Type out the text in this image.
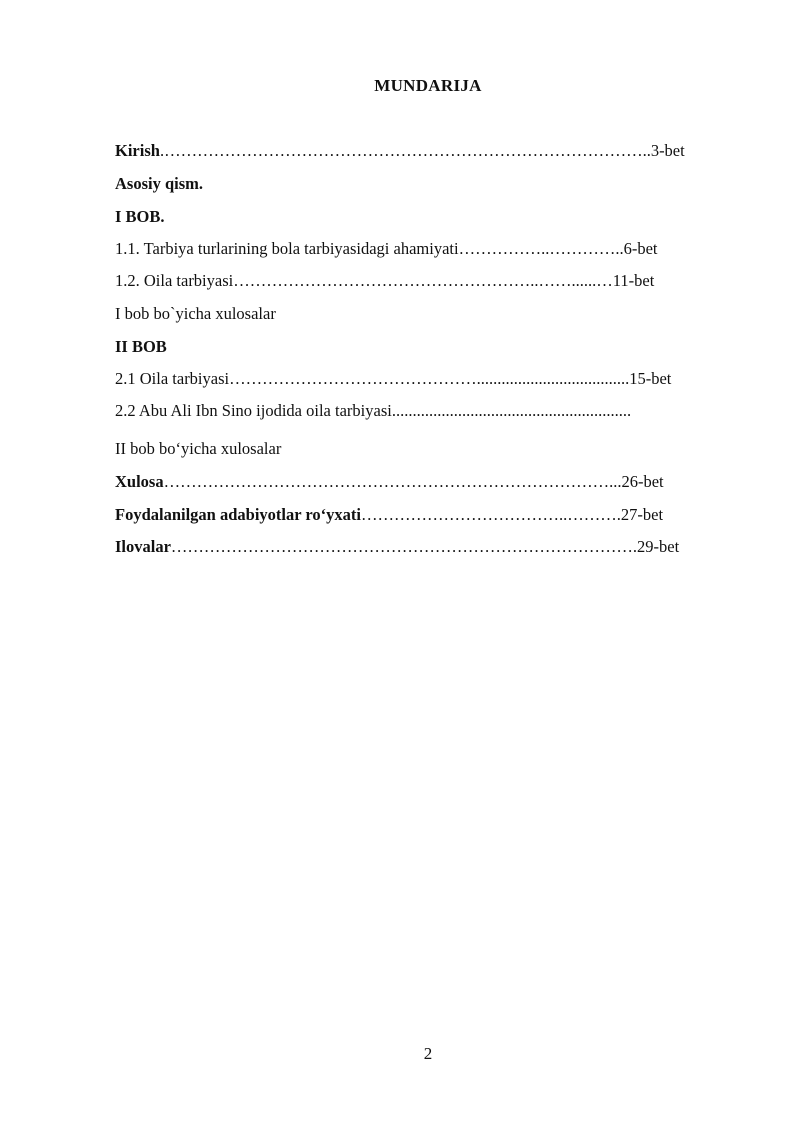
MUNDARIJA
Kirish.……………………………………………………………………………..3-bet
Asosiy qism.
I BOB.
1.1. Tarbiya turlarining bola tarbiyasidagi ahamiyati……………..…………..6-bet
1.2. Oila tarbiyasi………………………………………………..……......…11-bet
I bob bo`yicha xulosalar
II BOB
2.1 Oila tarbiyasi……………………………………….....................................15-bet
2.2 Abu Ali Ibn Sino ijodida oila tarbiyasi..........................................................
II bob bo‘yicha xulosalar
Xulosa………………………………………………………………………...26-bet
Foydalanilgan adabiyotlar ro‘yxati………………………………..……….27-bet
Ilovalar………………………………………………………………………….29-bet
2
